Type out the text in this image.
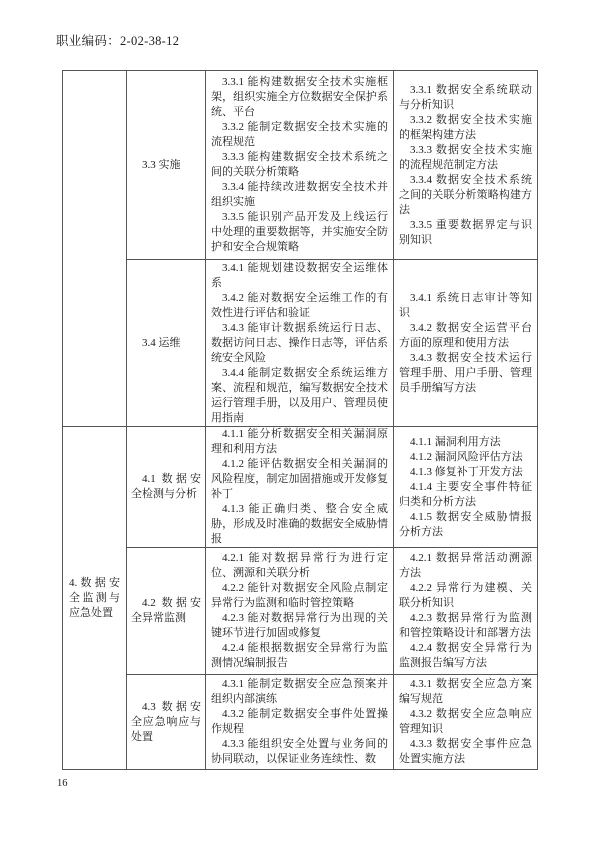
职业编码：2-02-38-12

3.3 实施

3.3.1 能构建数据安全技术实施框架，组织实施全方位数据安全保护系统、平台

3.3.2 能制定数据安全技术实施的流程规范

3.3.3 能构建数据安全技术系统之间的关联分析策略

3.3.4 能持续改进数据安全技术并组织实施

3.3.5 能识别产品开发及上线运行中处理的重要数据等，并实施安全防护和安全合规策略

3.3.1 数据安全系统联动与分析知识

3.3.2 数据安全技术实施的框架构建方法

3.3.3 数据安全技术实施的流程规范制定方法

3.3.4 数据安全技术系统之间的关联分析策略构建方法

3.3.5 重要数据界定与识别知识

3.4 运维

3.4.1 能规划建设数据安全运维体系

3.4.2 能对数据安全运维工作的有效性进行评估和验证

3.4.3 能审计数据系统运行日志、数据访问日志、操作日志等，评估系统安全风险

3.4.4 能制定数据安全系统运维方案、流程和规范，编写数据安全技术运行管理手册，以及用户、管理员使用指南

3.4.1 系统日志审计等知识

3.4.2 数据安全运营平台方面的原理和使用方法

3.4.3 数据安全技术运行管理手册、用户手册、管理员手册编写方法

4.数据安全监测与应急处置

4.1 数据安全检测与分析

4.1.1 能分析数据安全相关漏洞原理和利用方法

4.1.2 能评估数据安全相关漏洞的风险程度，制定加固措施或开发修复补丁

4.1.3 能正确归类、整合安全威胁，形成及时准确的数据安全威胁情报

4.1.1 漏洞利用方法

4.1.2 漏洞风险评估方法

4.1.3 修复补丁开发方法

4.1.4 主要安全事件特征归类和分析方法

4.1.5 数据安全威胁情报分析方法

4.2 数据安全异常监测

4.2.1 能对数据异常行为进行定位、溯源和关联分析

4.2.2 能针对数据安全风险点制定异常行为监测和临时管控策略

4.2.3 能对数据异常行为出现的关键环节进行加固或修复

4.2.4 能根据数据安全异常行为监测情况编制报告

4.2.1 数据异常活动溯源方法

4.2.2 异常行为建模、关联分析知识

4.2.3 数据异常行为监测和管控策略设计和部署方法

4.2.4 数据安全异常行为监测报告编写方法

4.3 数据安全应急响应与处置

4.3.1 能制定数据安全应急预案并组织内部演练

4.3.2 能制定数据安全事件处置操作规程

4.3.3 能组织安全处置与业务间的协同联动，以保证业务连续性、数

4.3.1 数据安全应急方案编写规范

4.3.2 数据安全应急响应管理知识

4.3.3 数据安全事件应急处置实施方法

16
